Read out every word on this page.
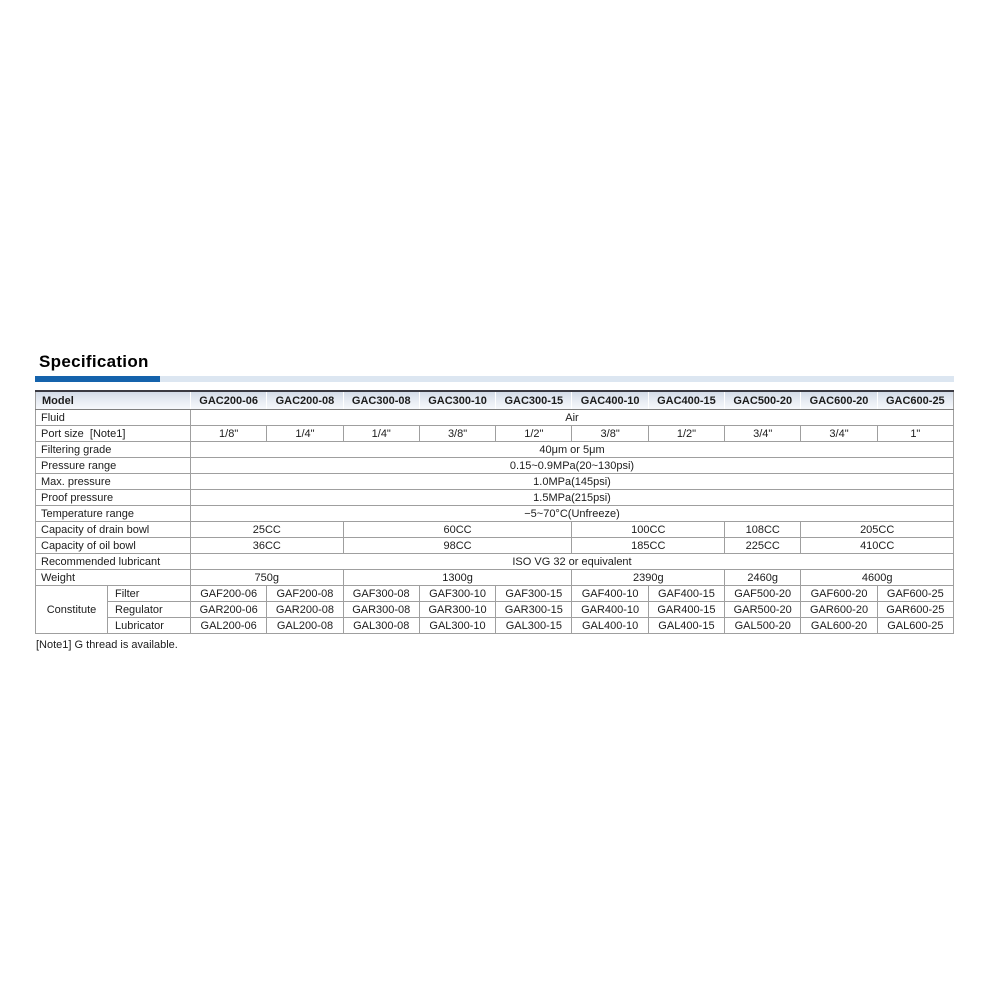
Specification
Model		GAC200-06	GAC200-08	GAC300-08	GAC300-10	GAC300-15	GAC400-10	GAC400-15	GAC500-20	GAC600-20	GAC600-25
Fluid		Air									
Port size  [Note1]		1/8"	1/4"	1/4"	3/8"	1/2"	3/8"	1/2"	3/4"	3/4"	1"
Filtering grade		40μm or 5μm									
Pressure range		0.15~0.9MPa(20~130psi)									
Max. pressure		1.0MPa(145psi)									
Proof pressure		1.5MPa(215psi)									
Temperature range		−5~70°C(Unfreeze)									
Capacity of drain bowl		25CC		60CC			100CC		108CC	205CC	
Capacity of oil bowl		36CC		98CC			185CC		225CC	410CC	
Recommended lubricant		ISO VG 32 or equivalent									
Weight		750g		1300g			2390g		2460g	4600g	
Constitute	Filter	GAF200-06	GAF200-08	GAF300-08	GAF300-10	GAF300-15	GAF400-10	GAF400-15	GAF500-20	GAF600-20	GAF600-25
	Regulator	GAR200-06	GAR200-08	GAR300-08	GAR300-10	GAR300-15	GAR400-10	GAR400-15	GAR500-20	GAR600-20	GAR600-25
	Lubricator	GAL200-06	GAL200-08	GAL300-08	GAL300-10	GAL300-15	GAL400-10	GAL400-15	GAL500-20	GAL600-20	GAL600-25
[Note1] G thread is available.
